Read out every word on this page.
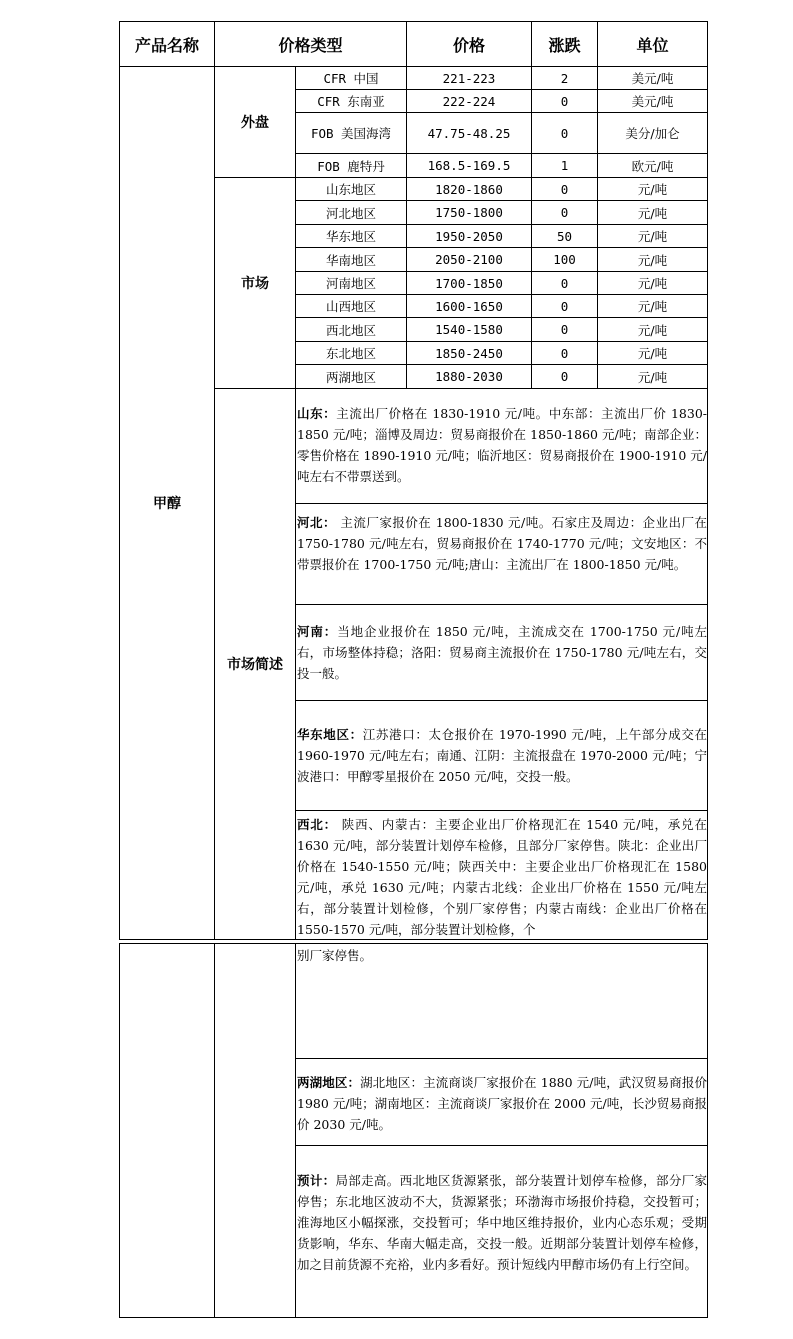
产品名称	价格类型	价格	涨跌	单位
甲醇
外盘
市场
市场简述
CFR 中国	221-223	2	美元/吨
CFR 东南亚	222-224	0	美元/吨
FOB 美国海湾	47.75-48.25	0	美分/加仑
FOB 鹿特丹	168.5-169.5	1	欧元/吨
山东地区	1820-1860	0	元/吨
河北地区	1750-1800	0	元/吨
华东地区	1950-2050	50	元/吨
华南地区	2050-2100	100	元/吨
河南地区	1700-1850	0	元/吨
山西地区	1600-1650	0	元/吨
西北地区	1540-1580	0	元/吨
东北地区	1850-2450	0	元/吨
两湖地区	1880-2030	0	元/吨
山东：主流出厂价格在 1830-1910 元/吨。中东部：主流出厂价 1830-1850 元/吨；淄博及周边：贸易商报价在 1850-1860 元/吨；南部企业：零售价格在 1890-1910 元/吨；临沂地区：贸易商报价在 1900-1910 元/吨左右不带票送到。
河北： 主流厂家报价在 1800-1830 元/吨。石家庄及周边：企业出厂在 1750-1780 元/吨左右，贸易商报价在 1740-1770 元/吨；文安地区：不带票报价在 1700-1750 元/吨;唐山：主流出厂在 1800-1850 元/吨。
河南：当地企业报价在 1850 元/吨，主流成交在 1700-1750 元/吨左右，市场整体持稳；洛阳：贸易商主流报价在 1750-1780 元/吨左右，交投一般。
华东地区：江苏港口：太仓报价在 1970-1990 元/吨，上午部分成交在 1960-1970 元/吨左右；南通、江阴：主流报盘在 1970-2000 元/吨；宁波港口：甲醇零星报价在 2050 元/吨，交投一般。
西北： 陕西、内蒙古：主要企业出厂价格现汇在 1540 元/吨，承兑在 1630 元/吨，部分装置计划停车检修，且部分厂家停售。陕北：企业出厂价格在 1540-1550 元/吨；陕西关中：主要企业出厂价格现汇在 1580 元/吨，承兑 1630 元/吨；内蒙古北线：企业出厂价格在 1550 元/吨左右，部分装置计划检修，个别厂家停售；内蒙古南线：企业出厂价格在 1550-1570 元/吨，部分装置计划检修，个
别厂家停售。
两湖地区：湖北地区：主流商谈厂家报价在 1880 元/吨，武汉贸易商报价 1980 元/吨；湖南地区：主流商谈厂家报价在 2000 元/吨，长沙贸易商报价 2030 元/吨。
预计：局部走高。西北地区货源紧张，部分装置计划停车检修，部分厂家停售；东北地区波动不大，货源紧张；环渤海市场报价持稳，交投暂可；淮海地区小幅探涨，交投暂可；华中地区维持报价，业内心态乐观；受期货影响，华东、华南大幅走高，交投一般。近期部分装置计划停车检修，加之目前货源不充裕，业内多看好。预计短线内甲醇市场仍有上行空间。
